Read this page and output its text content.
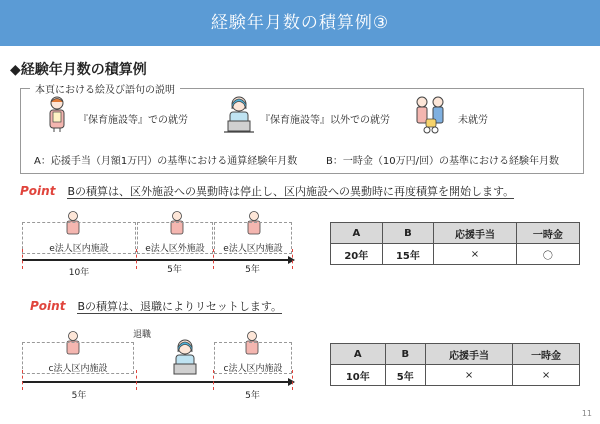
経験年月数の積算例③
◆経験年月数の積算例
本頁における絵及び語句の説明
『保育施設等』での就労	『保育施設等』以外での就労	未就労
A：応援手当（月額1万円）の基準における通算経験年月数	B：一時金（10万円/回）の基準における経験年月数
Point Bの積算は、区外施設への異動時は停止し、区内施設への異動時に再度積算を開始します。
e法人区内施設	e法人区外施設	e法人区内施設
10年	5年	5年
A	B	応援手当	一時金
20年	15年	×	〇
Point Bの積算は、退職によりリセットします。
退職
c法人区内施設	c法人区内施設
5年	5年
A	B	応援手当	一時金
10年	5年	×	×
11
